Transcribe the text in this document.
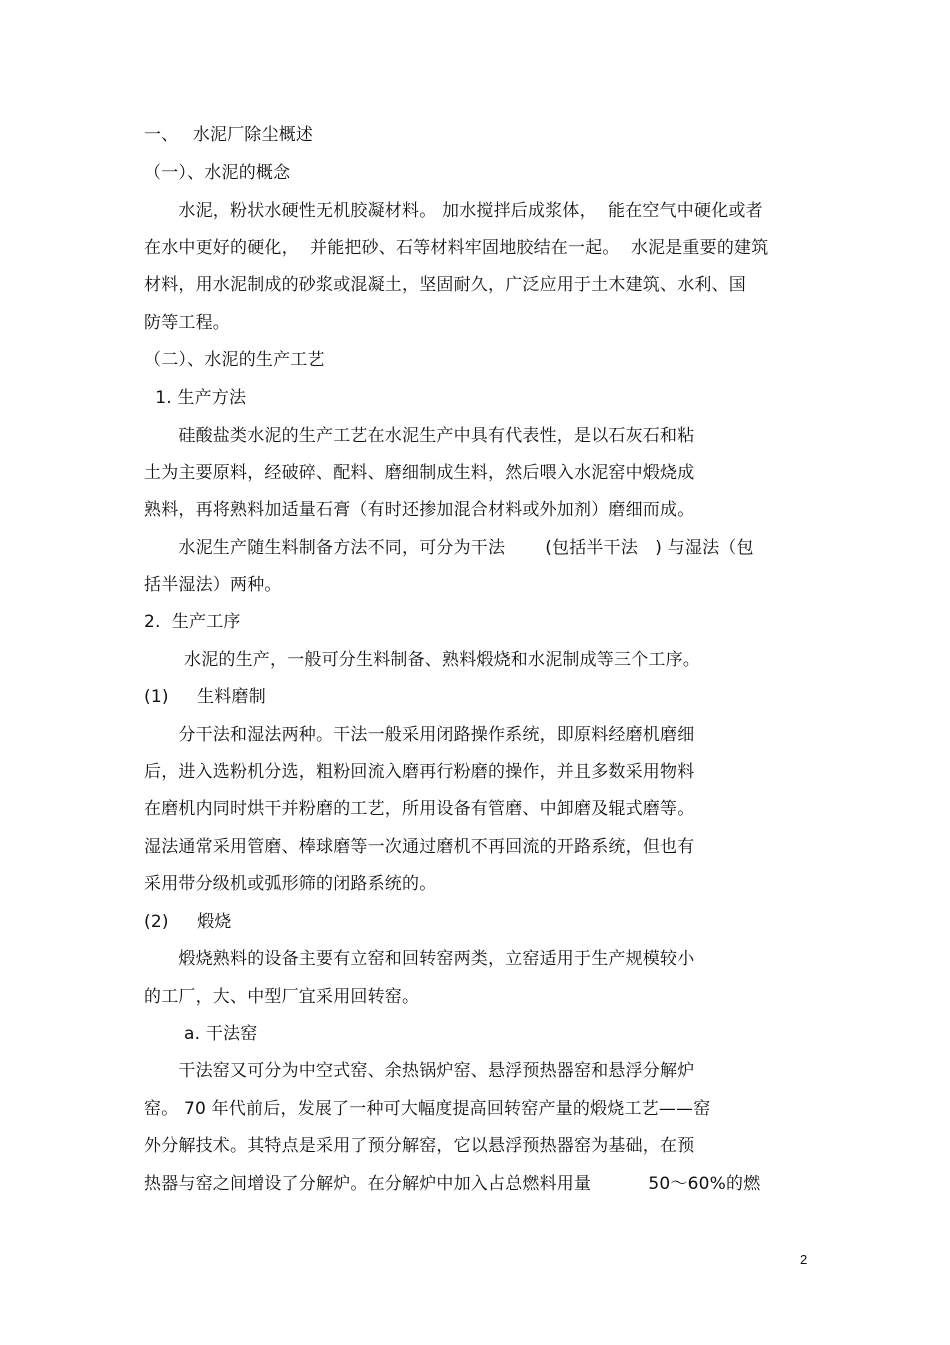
一、　 水泥厂除尘概述
（一）、水泥的概念
　　水泥，粉状水硬性无机胶凝材料。 加水搅拌后成浆体，  能在空气中硬化或者
在水中更好的硬化，  并能把砂、石等材料牢固地胶结在一起。  水泥是重要的建筑
材料，用水泥制成的砂浆或混凝土，坚固耐久，广泛应用于土木建筑、水利、国
防等工程。
（二）、水泥的生产工艺
1. 生产方法
　　硅酸盐类水泥的生产工艺在水泥生产中具有代表性，是以石灰石和粘
土为主要原料，经破碎、配料、磨细制成生料，然后喂入水泥窑中煅烧成
熟料，再将熟料加适量石膏（有时还掺加混合材料或外加剂）磨细而成。
　　水泥生产随生料制备方法不同，可分为干法　　 (包括半干法　) 与湿法（包
括半湿法）两种。
2.  生产工序
　　 水泥的生产，一般可分生料制备、熟料煅烧和水泥制成等三个工序。
(1)  　生料磨制
　　分干法和湿法两种。干法一般采用闭路操作系统，即原料经磨机磨细
后，进入选粉机分选，粗粉回流入磨再行粉磨的操作，并且多数采用物料
在磨机内同时烘干并粉磨的工艺，所用设备有管磨、中卸磨及辊式磨等。
湿法通常采用管磨、棒球磨等一次通过磨机不再回流的开路系统，但也有
采用带分级机或弧形筛的闭路系统的。
(2)  　煅烧
　　煅烧熟料的设备主要有立窑和回转窑两类，立窑适用于生产规模较小
的工厂，大、中型厂宜采用回转窑。
　　 a. 干法窑
　　干法窑又可分为中空式窑、余热锅炉窑、悬浮预热器窑和悬浮分解炉
窑。 70 年代前后，发展了一种可大幅度提高回转窑产量的煅烧工艺——窑
外分解技术。其特点是采用了预分解窑，它以悬浮预热器窑为基础，在预
热器与窑之间增设了分解炉。在分解炉中加入占总燃料用量　　　 50～60%的燃
2
